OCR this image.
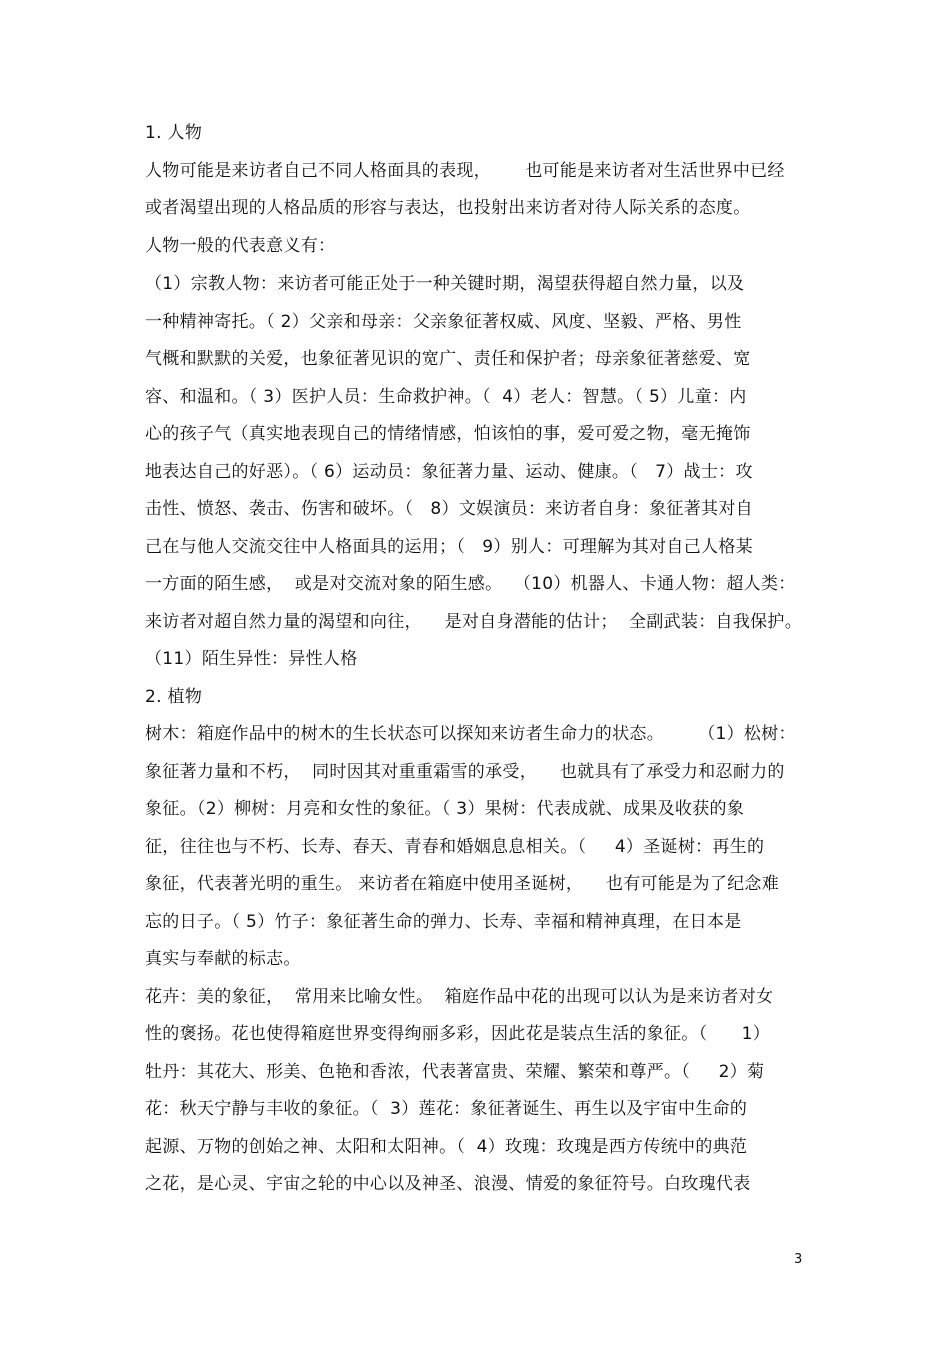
1. 人物
人物可能是来访者自己不同人格面具的表现，      也可能是来访者对生活世界中已经
或者渴望出现的人格品质的形容与表达，也投射出来访者对待人际关系的态度。
人物一般的代表意义有：
（1）宗教人物：来访者可能正处于一种关键时期，渴望获得超自然力量，以及
一种精神寄托。（ 2）父亲和母亲：父亲象征著权威、风度、坚毅、严格、男性
气概和默默的关爱，也象征著见识的宽广、责任和保护者；母亲象征著慈爱、宽
容、和温和。（ 3）医护人员：生命救护神。（  4）老人：智慧。（ 5）儿童：内
心的孩子气（真实地表现自己的情绪情感，怕该怕的事，爱可爱之物，毫无掩饰
地表达自己的好恶）。（ 6）运动员：象征著力量、运动、健康。（   7）战士：攻
击性、愤怒、袭击、伤害和破坏。（   8）文娱演员：来访者自身：象征著其对自
己在与他人交流交往中人格面具的运用；（   9）别人：可理解为其对自己人格某
一方面的陌生感，  或是对交流对象的陌生感。  （10）机器人、卡通人物：超人类：
来访者对超自然力量的渴望和向往，    是对自身潜能的估计；  全副武装：自我保护。
（11）陌生异性：异性人格
2. 植物
树木：箱庭作品中的树木的生长状态可以探知来访者生命力的状态。      （1）松树：
象征著力量和不朽，  同时因其对重重霜雪的承受，    也就具有了承受力和忍耐力的
象征。（2）柳树：月亮和女性的象征。（ 3）果树：代表成就、成果及收获的象
征，往往也与不朽、长寿、春天、青春和婚姻息息相关。（     4）圣诞树：再生的
象征，代表著光明的重生。 来访者在箱庭中使用圣诞树，    也有可能是为了纪念难
忘的日子。（ 5）竹子：象征著生命的弹力、长寿、幸福和精神真理，在日本是
真实与奉献的标志。
花卉：美的象征，  常用来比喻女性。  箱庭作品中花的出现可以认为是来访者对女
性的褒扬。花也使得箱庭世界变得绚丽多彩，因此花是装点生活的象征。（      1）
牡丹：其花大、形美、色艳和香浓，代表著富贵、荣耀、繁荣和尊严。（     2）菊
花：秋天宁静与丰收的象征。（  3）莲花：象征著诞生、再生以及宇宙中生命的
起源、万物的创始之神、太阳和太阳神。（  4）玫瑰：玫瑰是西方传统中的典范
之花，是心灵、宇宙之轮的中心以及神圣、浪漫、情爱的象征符号。白玫瑰代表
3
